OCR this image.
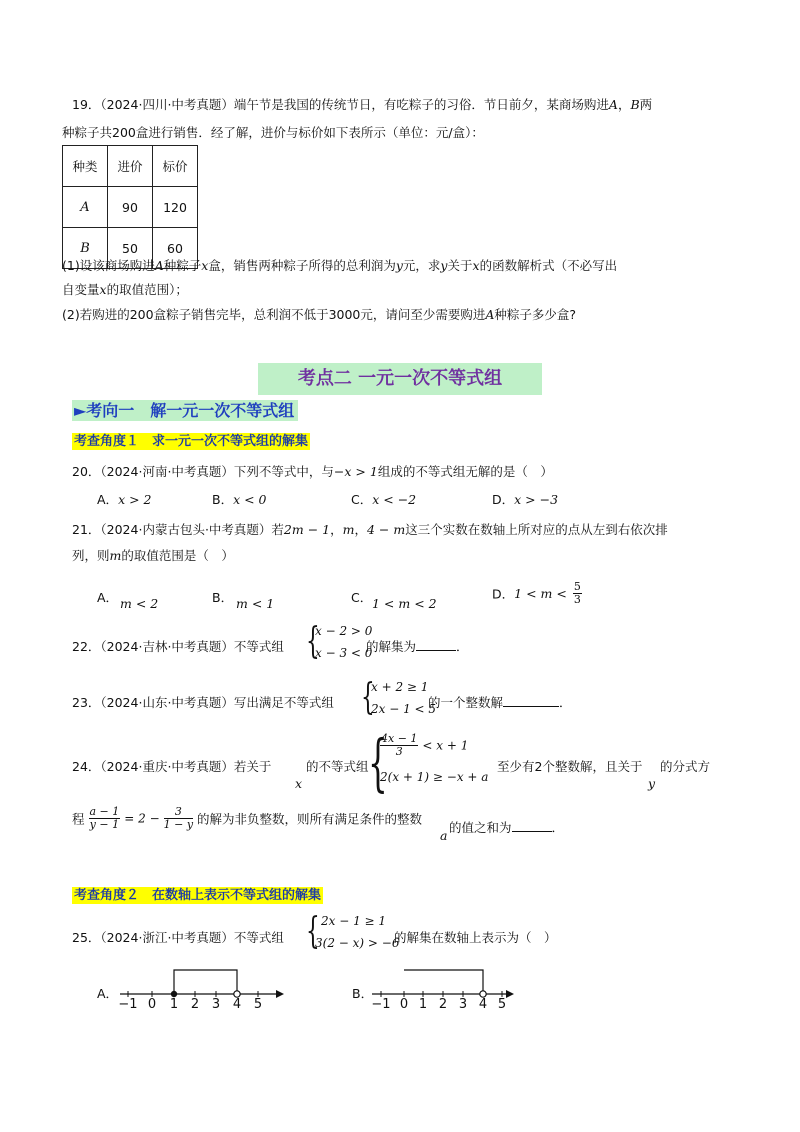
19．（2024·四川·中考真题）端午节是我国的传统节日，有吃粽子的习俗．节日前夕，某商场购进A，B两
种粽子共200盒进行销售．经了解，进价与标价如下表所示（单位：元/盒）：
种类	进价	标价
A	90	120
B	50	60
(1)设该商场购进A种粽子x盒，销售两种粽子所得的总利润为y元，求y关于x的函数解析式（不必写出
自变量x的取值范围）；
(2)若购进的200盒粽子销售完毕，总利润不低于3000元，请问至少需要购进A种粽子多少盒?
考点二 一元一次不等式组
►考向一　解一元一次不等式组
考查角度１　求一元一次不等式组的解集
20．（2024·河南·中考真题）下列不等式中，与−x > 1组成的不等式组无解的是（　）
A．x > 2	B．x < 0	C．x < −2	D．x > −3
21．（2024·内蒙古包头·中考真题）若2m − 1，m，4 − m这三个实数在数轴上所对应的点从左到右依次排
列，则m的取值范围是（　）
A． m < 2	B． m < 1	C． 1 < m < 2
D．$1 < m < \frac{5}{3}$
22．（2024·吉林·中考真题）不等式组 {
x − 2 > 0
x − 3 < 0
的解集为	．
23．（2024·山东·中考真题）写出满足不等式组 {
x + 2 ≥ 1
2x − 1 < 5
的一个整数解	．
24．（2024·重庆·中考真题）若关于
x
的不等式组 {
$\frac{4x - 1}{3} < x + 1$
2(x + 1) ≥ −x + a
至少有2个整数解，且关于
y
的分式方
程 $\frac{a - 1}{y - 1} = 2 - \frac{3}{1 - y}$ 的解为非负整数，则所有满足条件的整数
a
的值之和为	．
考查角度２　在数轴上表示不等式组的解集
25．（2024·浙江·中考真题）不等式组 { 2x − 1 ≥ 1
3(2 − x) > −6
的解集在数轴上表示为（　）
A．
−1 0 1 2 3 4 5
B．
−1 0 1 2 3 4 5
